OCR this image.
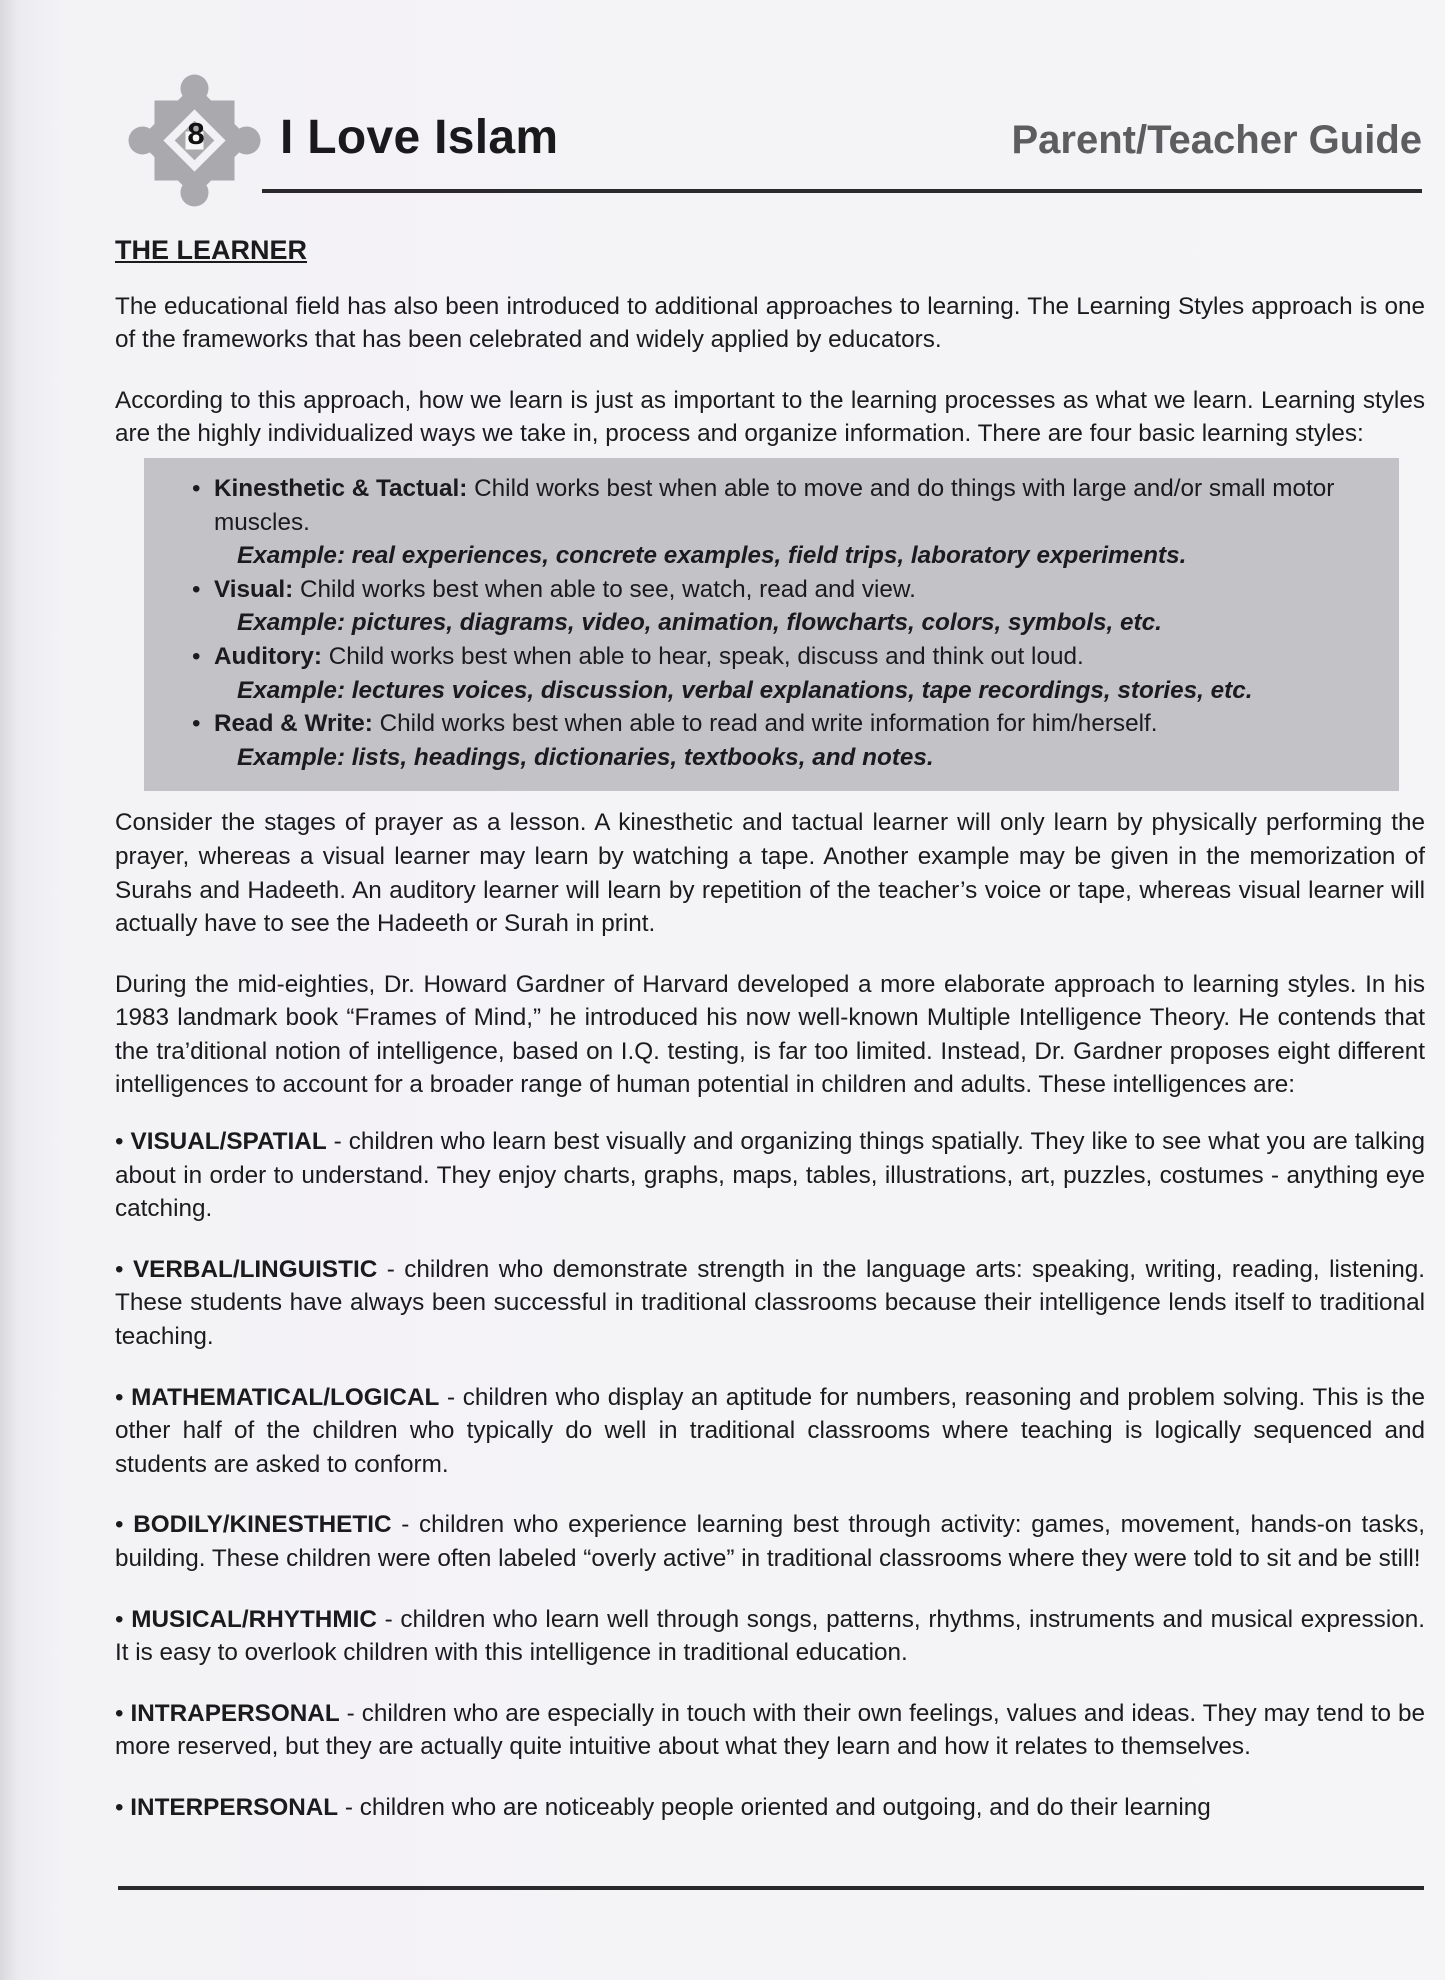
8 I Love Islam	Parent/Teacher Guide
THE LEARNER

The educational field has also been introduced to additional approaches to learning. The Learning Styles approach is one of the frameworks that has been celebrated and widely applied by educators.

According to this approach, how we learn is just as important to the learning processes as what we learn. Learning styles are the highly individualized ways we take in, process and organize information. There are four basic learning styles:

• Kinesthetic & Tactual: Child works best when able to move and do things with large and/or small motor muscles.
Example: real experiences, concrete examples, field trips, laboratory experiments.
• Visual: Child works best when able to see, watch, read and view.
Example: pictures, diagrams, video, animation, flowcharts, colors, symbols, etc.
• Auditory: Child works best when able to hear, speak, discuss and think out loud.
Example: lectures voices, discussion, verbal explanations, tape recordings, stories, etc.
• Read & Write: Child works best when able to read and write information for him/herself.
Example: lists, headings, dictionaries, textbooks, and notes.

Consider the stages of prayer as a lesson. A kinesthetic and tactual learner will only learn by physically performing the prayer, whereas a visual learner may learn by watching a tape. Another example may be given in the memorization of Surahs and Hadeeth. An auditory learner will learn by repetition of the teacher’s voice or tape, whereas visual learner will actually have to see the Hadeeth or Surah in print.

During the mid-eighties, Dr. Howard Gardner of Harvard developed a more elaborate approach to learning styles. In his 1983 landmark book “Frames of Mind,” he introduced his now well-known Multiple Intelligence Theory. He contends that the tra’ditional notion of intelligence, based on I.Q. testing, is far too limited. Instead, Dr. Gardner proposes eight different intelligences to account for a broader range of human potential in children and adults. These intelligences are:

• VISUAL/SPATIAL - children who learn best visually and organizing things spatially. They like to see what you are talking about in order to understand. They enjoy charts, graphs, maps, tables, illustrations, art, puzzles, costumes - anything eye catching.

• VERBAL/LINGUISTIC - children who demonstrate strength in the language arts: speaking, writing, reading, listening. These students have always been successful in traditional classrooms because their intelligence lends itself to traditional teaching.

• MATHEMATICAL/LOGICAL - children who display an aptitude for numbers, reasoning and problem solving. This is the other half of the children who typically do well in traditional classrooms where teaching is logically sequenced and students are asked to conform.

• BODILY/KINESTHETIC - children who experience learning best through activity: games, movement, hands-on tasks, building. These children were often labeled “overly active” in traditional classrooms where they were told to sit and be still!

• MUSICAL/RHYTHMIC - children who learn well through songs, patterns, rhythms, instruments and musical expression. It is easy to overlook children with this intelligence in traditional education.

• INTRAPERSONAL - children who are especially in touch with their own feelings, values and ideas. They may tend to be more reserved, but they are actually quite intuitive about what they learn and how it relates to themselves.

• INTERPERSONAL - children who are noticeably people oriented and outgoing, and do their learning
